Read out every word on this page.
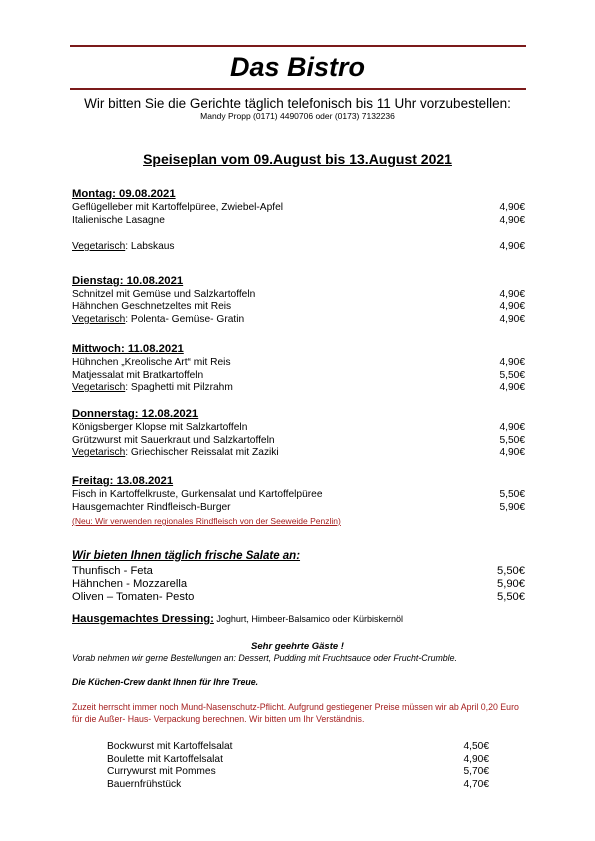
Das Bistro
Wir bitten Sie die Gerichte täglich telefonisch bis 11 Uhr vorzubestellen:
Mandy Propp (0171) 4490706 oder (0173) 7132236
Speiseplan vom 09.August bis 13.August 2021
Montag: 09.08.2021
Geflügelleber mit Kartoffelpüree, Zwiebel-Apfel	4,90€
Italienische Lasagne	4,90€
Vegetarisch: Labskaus	4,90€
Dienstag: 10.08.2021
Schnitzel mit Gemüse und Salzkartoffeln	4,90€
Hähnchen Geschnetzeltes mit Reis	4,90€
Vegetarisch: Polenta- Gemüse- Gratin	4,90€
Mittwoch: 11.08.2021
Hühnchen „Kreolische Art“ mit Reis	4,90€
Matjessalat mit Bratkartoffeln	5,50€
Vegetarisch: Spaghetti mit Pilzrahm	4,90€
Donnerstag: 12.08.2021
Königsberger Klopse mit Salzkartoffeln	4,90€
Grützwurst mit Sauerkraut und Salzkartoffeln	5,50€
Vegetarisch: Griechischer Reissalat mit Zaziki	4,90€
Freitag: 13.08.2021
Fisch in Kartoffelkruste, Gurkensalat und Kartoffelpüree	5,50€
Hausgemachter Rindfleisch-Burger	5,90€
(Neu: Wir verwenden regionales Rindfleisch von der Seeweide Penzlin)
Wir bieten Ihnen täglich frische Salate an:
Thunfisch - Feta	5,50€
Hähnchen - Mozzarella	5,90€
Oliven – Tomaten- Pesto	5,50€
Hausgemachtes Dressing: Joghurt, Himbeer-Balsamico oder Kürbiskernöl
Sehr geehrte Gäste !
Vorab nehmen wir gerne Bestellungen an: Dessert, Pudding mit Fruchtsauce oder Frucht-Crumble.
Die Küchen-Crew dankt Ihnen für Ihre Treue.
Zuzeit herrscht immer noch Mund-Nasenschutz-Pflicht. Aufgrund gestiegener Preise müssen wir ab April 0,20 Euro für die Außer- Haus- Verpackung berechnen. Wir bitten um Ihr Verständnis.
Bockwurst mit Kartoffelsalat	4,50€
Boulette mit Kartoffelsalat	4,90€
Currywurst mit Pommes	5,70€
Bauernfrühstück	4,70€
